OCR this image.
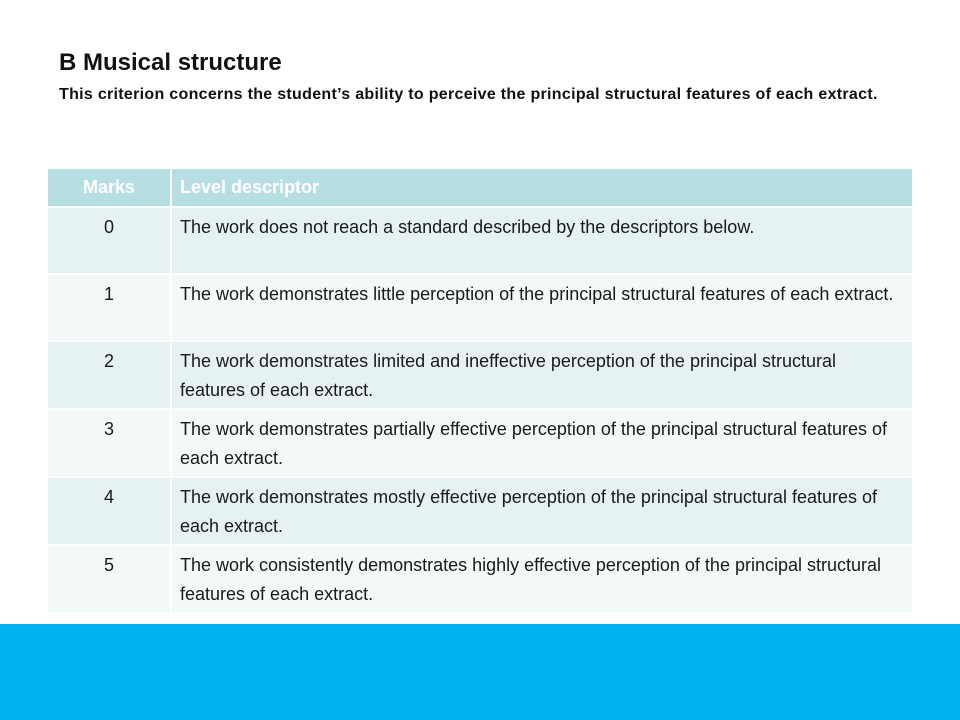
B Musical structure

This criterion concerns the student’s ability to perceive the principal structural features of each extract.

Marks	Level descriptor
0	The work does not reach a standard described by the descriptors below.
1	The work demonstrates little perception of the principal structural features of each extract.
2	The work demonstrates limited and ineffective perception of the principal structural features of each extract.
3	The work demonstrates partially effective perception of the principal structural features of each extract.
4	The work demonstrates mostly effective perception of the principal structural features of each extract.
5	The work consistently demonstrates highly effective perception of the principal structural features of each extract.
